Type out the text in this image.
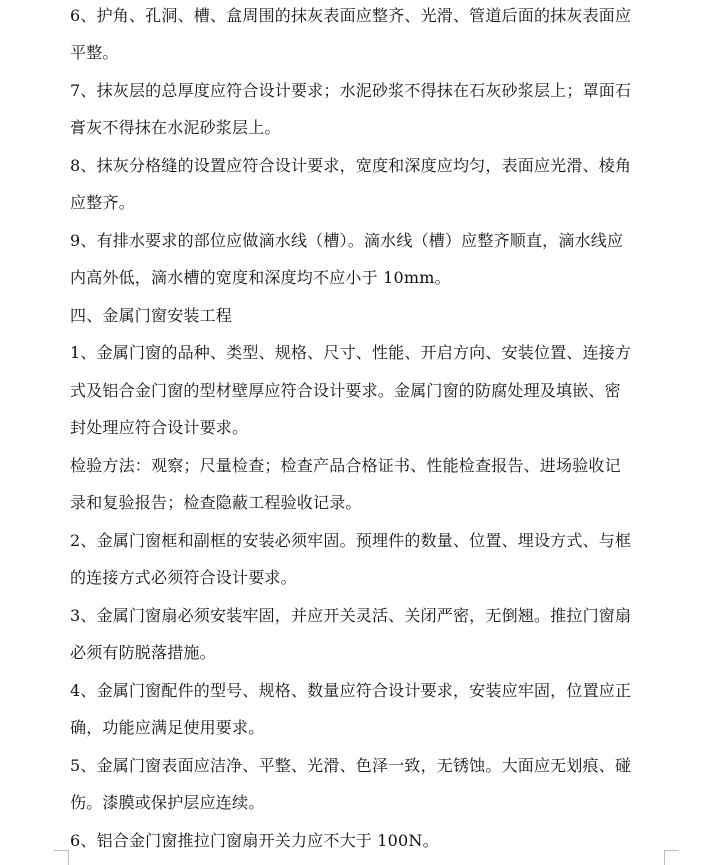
6、护角、孔洞、槽、盒周围的抹灰表面应整齐、光滑、管道后面的抹灰表面应
平整。
7、抹灰层的总厚度应符合设计要求；水泥砂浆不得抹在石灰砂浆层上；罩面石
膏灰不得抹在水泥砂浆层上。
8、抹灰分格缝的设置应符合设计要求，宽度和深度应均匀，表面应光滑、棱角
应整齐。
9、有排水要求的部位应做滴水线（槽）。滴水线（槽）应整齐顺直，滴水线应
内高外低，滴水槽的宽度和深度均不应小于 10mm。
四、金属门窗安装工程
1、金属门窗的品种、类型、规格、尺寸、性能、开启方向、安装位置、连接方
式及铝合金门窗的型材壁厚应符合设计要求。金属门窗的防腐处理及填嵌、密
封处理应符合设计要求。
检验方法：观察；尺量检查；检查产品合格证书、性能检查报告、进场验收记
录和复验报告；检查隐蔽工程验收记录。
2、金属门窗框和副框的安装必须牢固。预埋件的数量、位置、埋设方式、与框
的连接方式必须符合设计要求。
3、金属门窗扇必须安装牢固，并应开关灵活、关闭严密，无倒翘。推拉门窗扇
必须有防脱落措施。
4、金属门窗配件的型号、规格、数量应符合设计要求，安装应牢固，位置应正
确，功能应满足使用要求。
5、金属门窗表面应洁净、平整、光滑、色泽一致，无锈蚀。大面应无划痕、碰
伤。漆膜或保护层应连续。
6、铝合金门窗推拉门窗扇开关力应不大于 100N。
